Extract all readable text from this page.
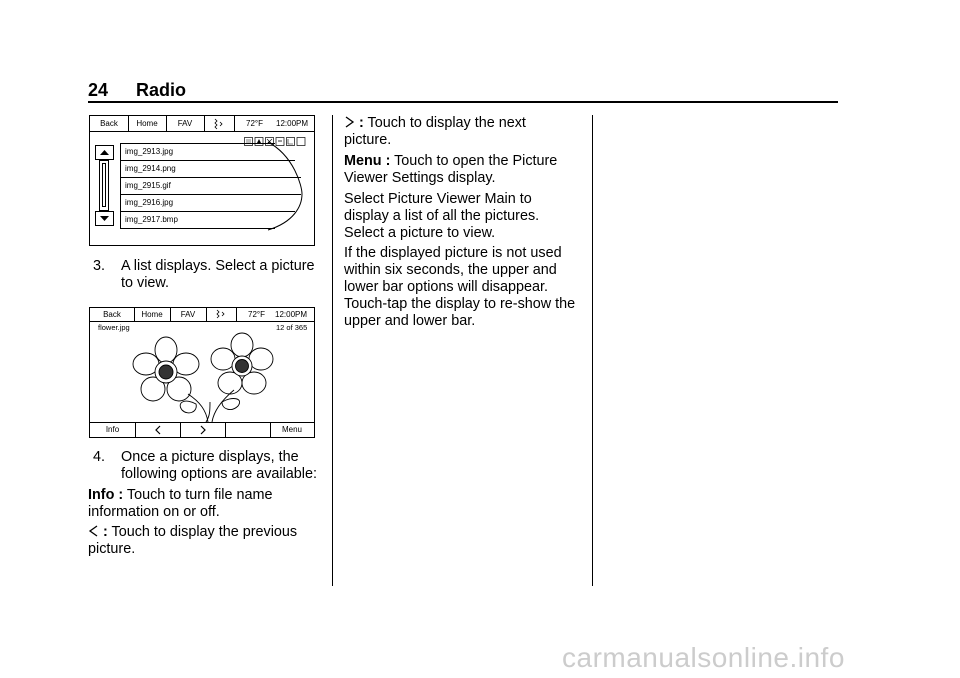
24 Radio
Back	Home	FAV	72°F 12:00PM
img_2913.jpg
img_2914.png
img_2915.gif
img_2916.jpg
img_2917.bmp
3. A list displays. Select a picture
to view.
Back	Home	FAV	72°F 12:00PM
flower.jpg	12 of 365
Info	Menu
4. Once a picture displays, the
following options are available:

Info : Touch to turn file name

information on or off.

: Touch to display the previous

picture.

: Touch to display the next

picture.

Menu : Touch to open the Picture

Viewer Settings display.

Select Picture Viewer Main to

display a list of all the pictures.

Select a picture to view.

If the displayed picture is not used

within six seconds, the upper and

lower bar options will disappear.

Touch-tap the display to re-show the

upper and lower bar.

carmanualsonline.info
